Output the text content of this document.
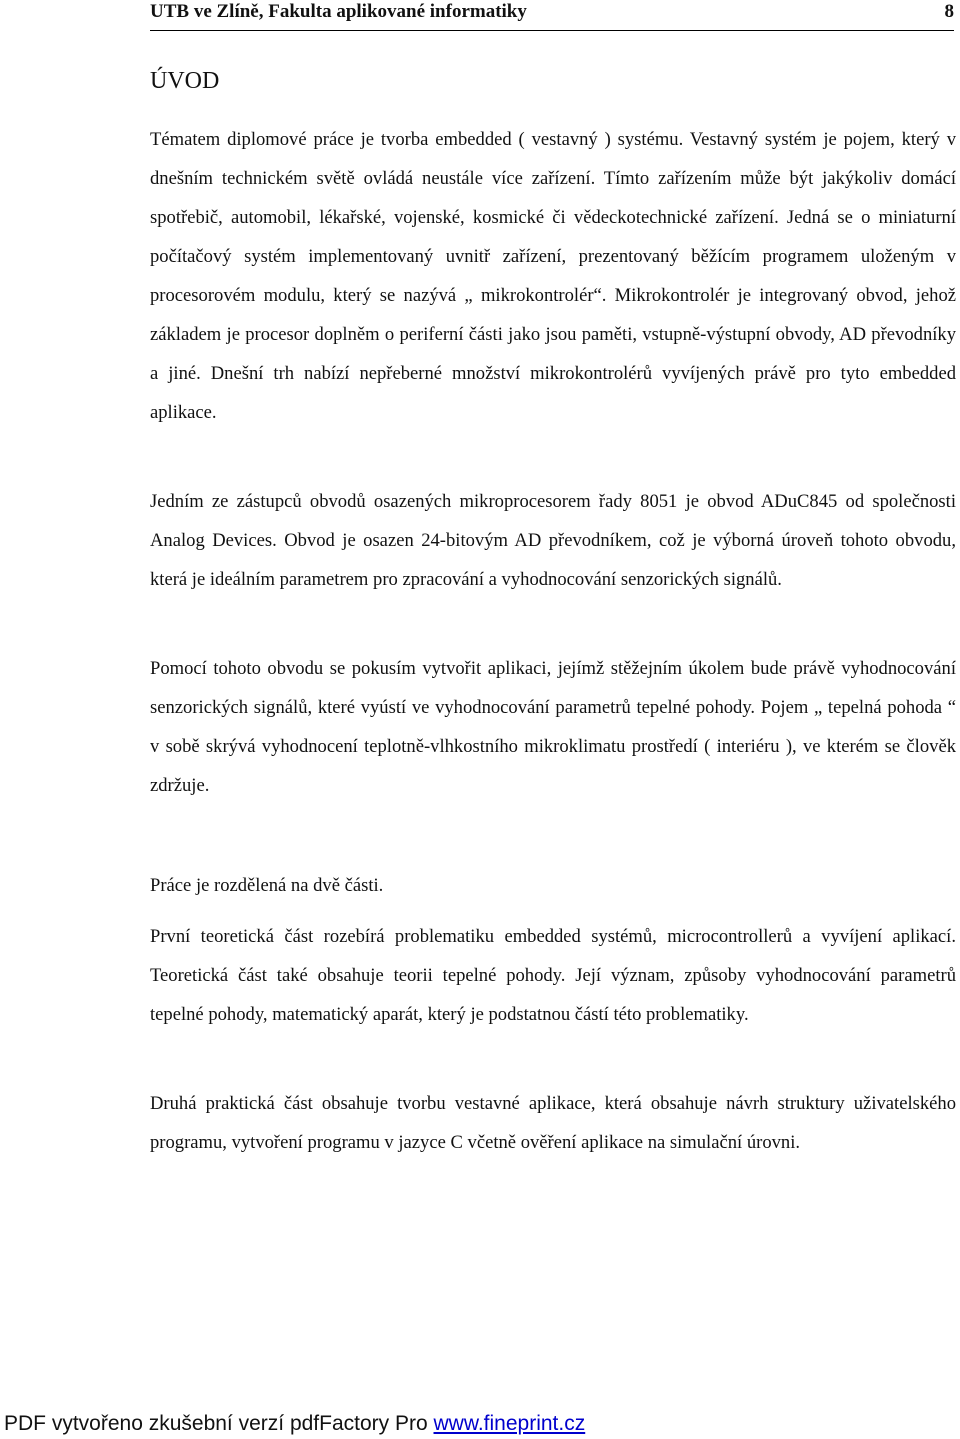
UTB ve Zlíně, Fakulta aplikované informatiky	8
ÚVOD

Tématem diplomové práce je tvorba embedded ( vestavný ) systému. Vestavný systém je pojem, který v dnešním technickém světě ovládá neustále více zařízení. Tímto zařízením může být jakýkoliv domácí spotřebič, automobil, lékařské, vojenské, kosmické či vědeckotechnické zařízení. Jedná se o miniaturní počítačový systém implementovaný uvnitř zařízení, prezentovaný běžícím programem uloženým v procesorovém modulu, který se nazývá „ mikrokontrolér“. Mikrokontrolér je integrovaný obvod, jehož základem je procesor doplněm o periferní části jako jsou paměti, vstupně-výstupní obvody, AD převodníky a jiné. Dnešní trh nabízí nepřeberné množství mikrokontrolérů vyvíjených právě pro tyto embedded aplikace.

Jedním ze zástupců obvodů osazených mikroprocesorem řady 8051 je obvod ADuC845 od společnosti Analog Devices. Obvod je osazen 24-bitovým AD převodníkem, což je výborná úroveň tohoto obvodu, která je ideálním parametrem pro zpracování a vyhodnocování senzorických signálů.

Pomocí tohoto obvodu se pokusím vytvořit aplikaci, jejímž stěžejním úkolem bude právě vyhodnocování senzorických signálů, které vyústí ve vyhodnocování parametrů tepelné pohody. Pojem „ tepelná pohoda “ v sobě skrývá vyhodnocení teplotně-vlhkostního mikroklimatu prostředí ( interiéru ), ve kterém se člověk zdržuje.

Práce je rozdělená na dvě části.

První teoretická část rozebírá problematiku embedded systémů, microcontrollerů a vyvíjení aplikací. Teoretická část také obsahuje teorii tepelné pohody. Její význam, způsoby vyhodnocování parametrů tepelné pohody, matematický aparát, který je podstatnou částí této problematiky.

Druhá praktická část obsahuje tvorbu vestavné aplikace, která obsahuje návrh struktury uživatelského programu, vytvoření programu v jazyce C včetně ověření aplikace na simulační úrovni.

PDF vytvořeno zkušební verzí pdfFactory Pro www.fineprint.cz
